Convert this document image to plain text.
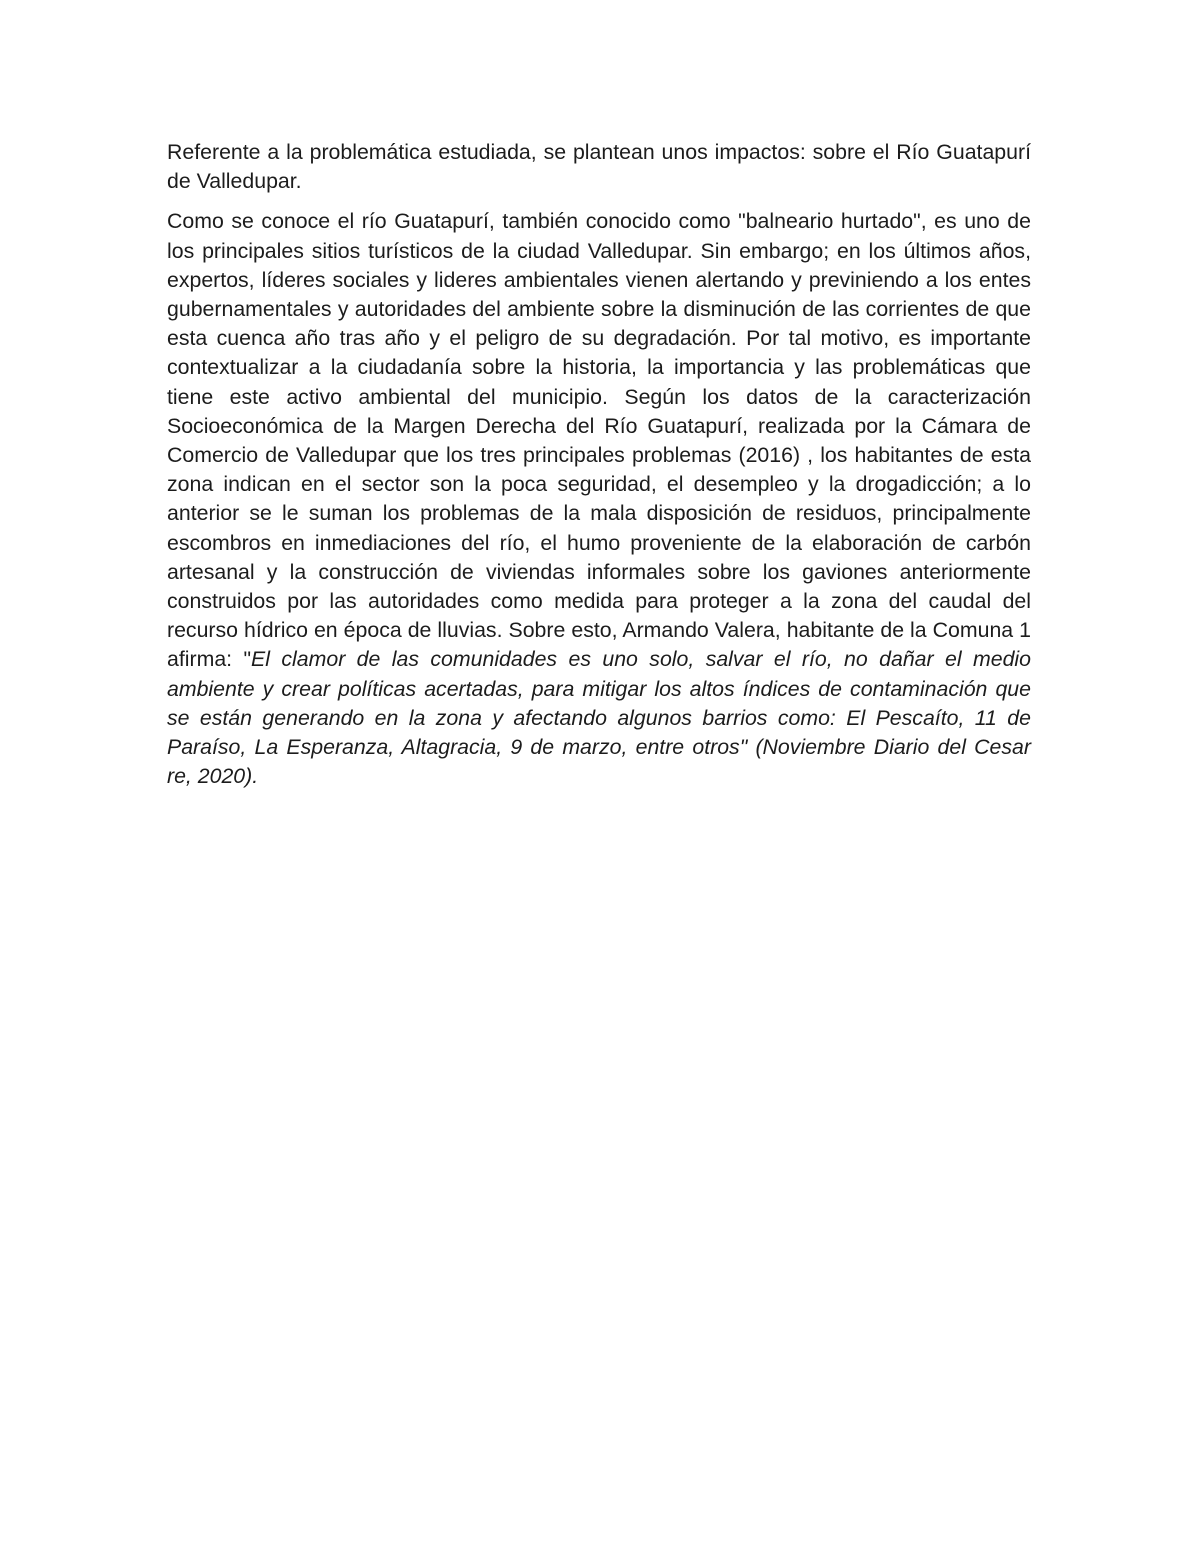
Referente a la problemática estudiada, se plantean unos impactos: sobre el Río Guatapurí de Valledupar.

Como se conoce el río Guatapurí, también conocido como "balneario hurtado", es uno de los principales sitios turísticos de la ciudad Valledupar. Sin embargo; en los últimos años, expertos, líderes sociales y lideres ambientales vienen alertando y previniendo a los entes gubernamentales y autoridades del ambiente sobre la disminución de las corrientes de que esta cuenca año tras año y el peligro de su degradación. Por tal motivo, es importante contextualizar a la ciudadanía sobre la historia, la importancia y las problemáticas que tiene este activo ambiental del municipio. Según los datos de la caracterización Socioeconómica de la Margen Derecha del Río Guatapurí, realizada por la Cámara de Comercio de Valledupar que los tres principales problemas (2016) , los habitantes de esta zona indican en el sector son la poca seguridad, el desempleo y la drogadicción; a lo anterior se le suman los problemas de la mala disposición de residuos, principalmente escombros en inmediaciones del río, el humo proveniente de la elaboración de carbón artesanal y la construcción de viviendas informales sobre los gaviones anteriormente construidos por las autoridades como medida para proteger a la zona del caudal del recurso hídrico en época de lluvias. Sobre esto, Armando Valera, habitante de la Comuna 1 afirma: "El clamor de las comunidades es uno solo, salvar el río, no dañar el medio ambiente y crear políticas acertadas, para mitigar los altos índices de contaminación que se están generando en la zona y afectando algunos barrios como: El Pescaíto, 11 de Paraíso, La Esperanza, Altagracia, 9 de marzo, entre otros" (Noviembre Diario del Cesar re, 2020).
